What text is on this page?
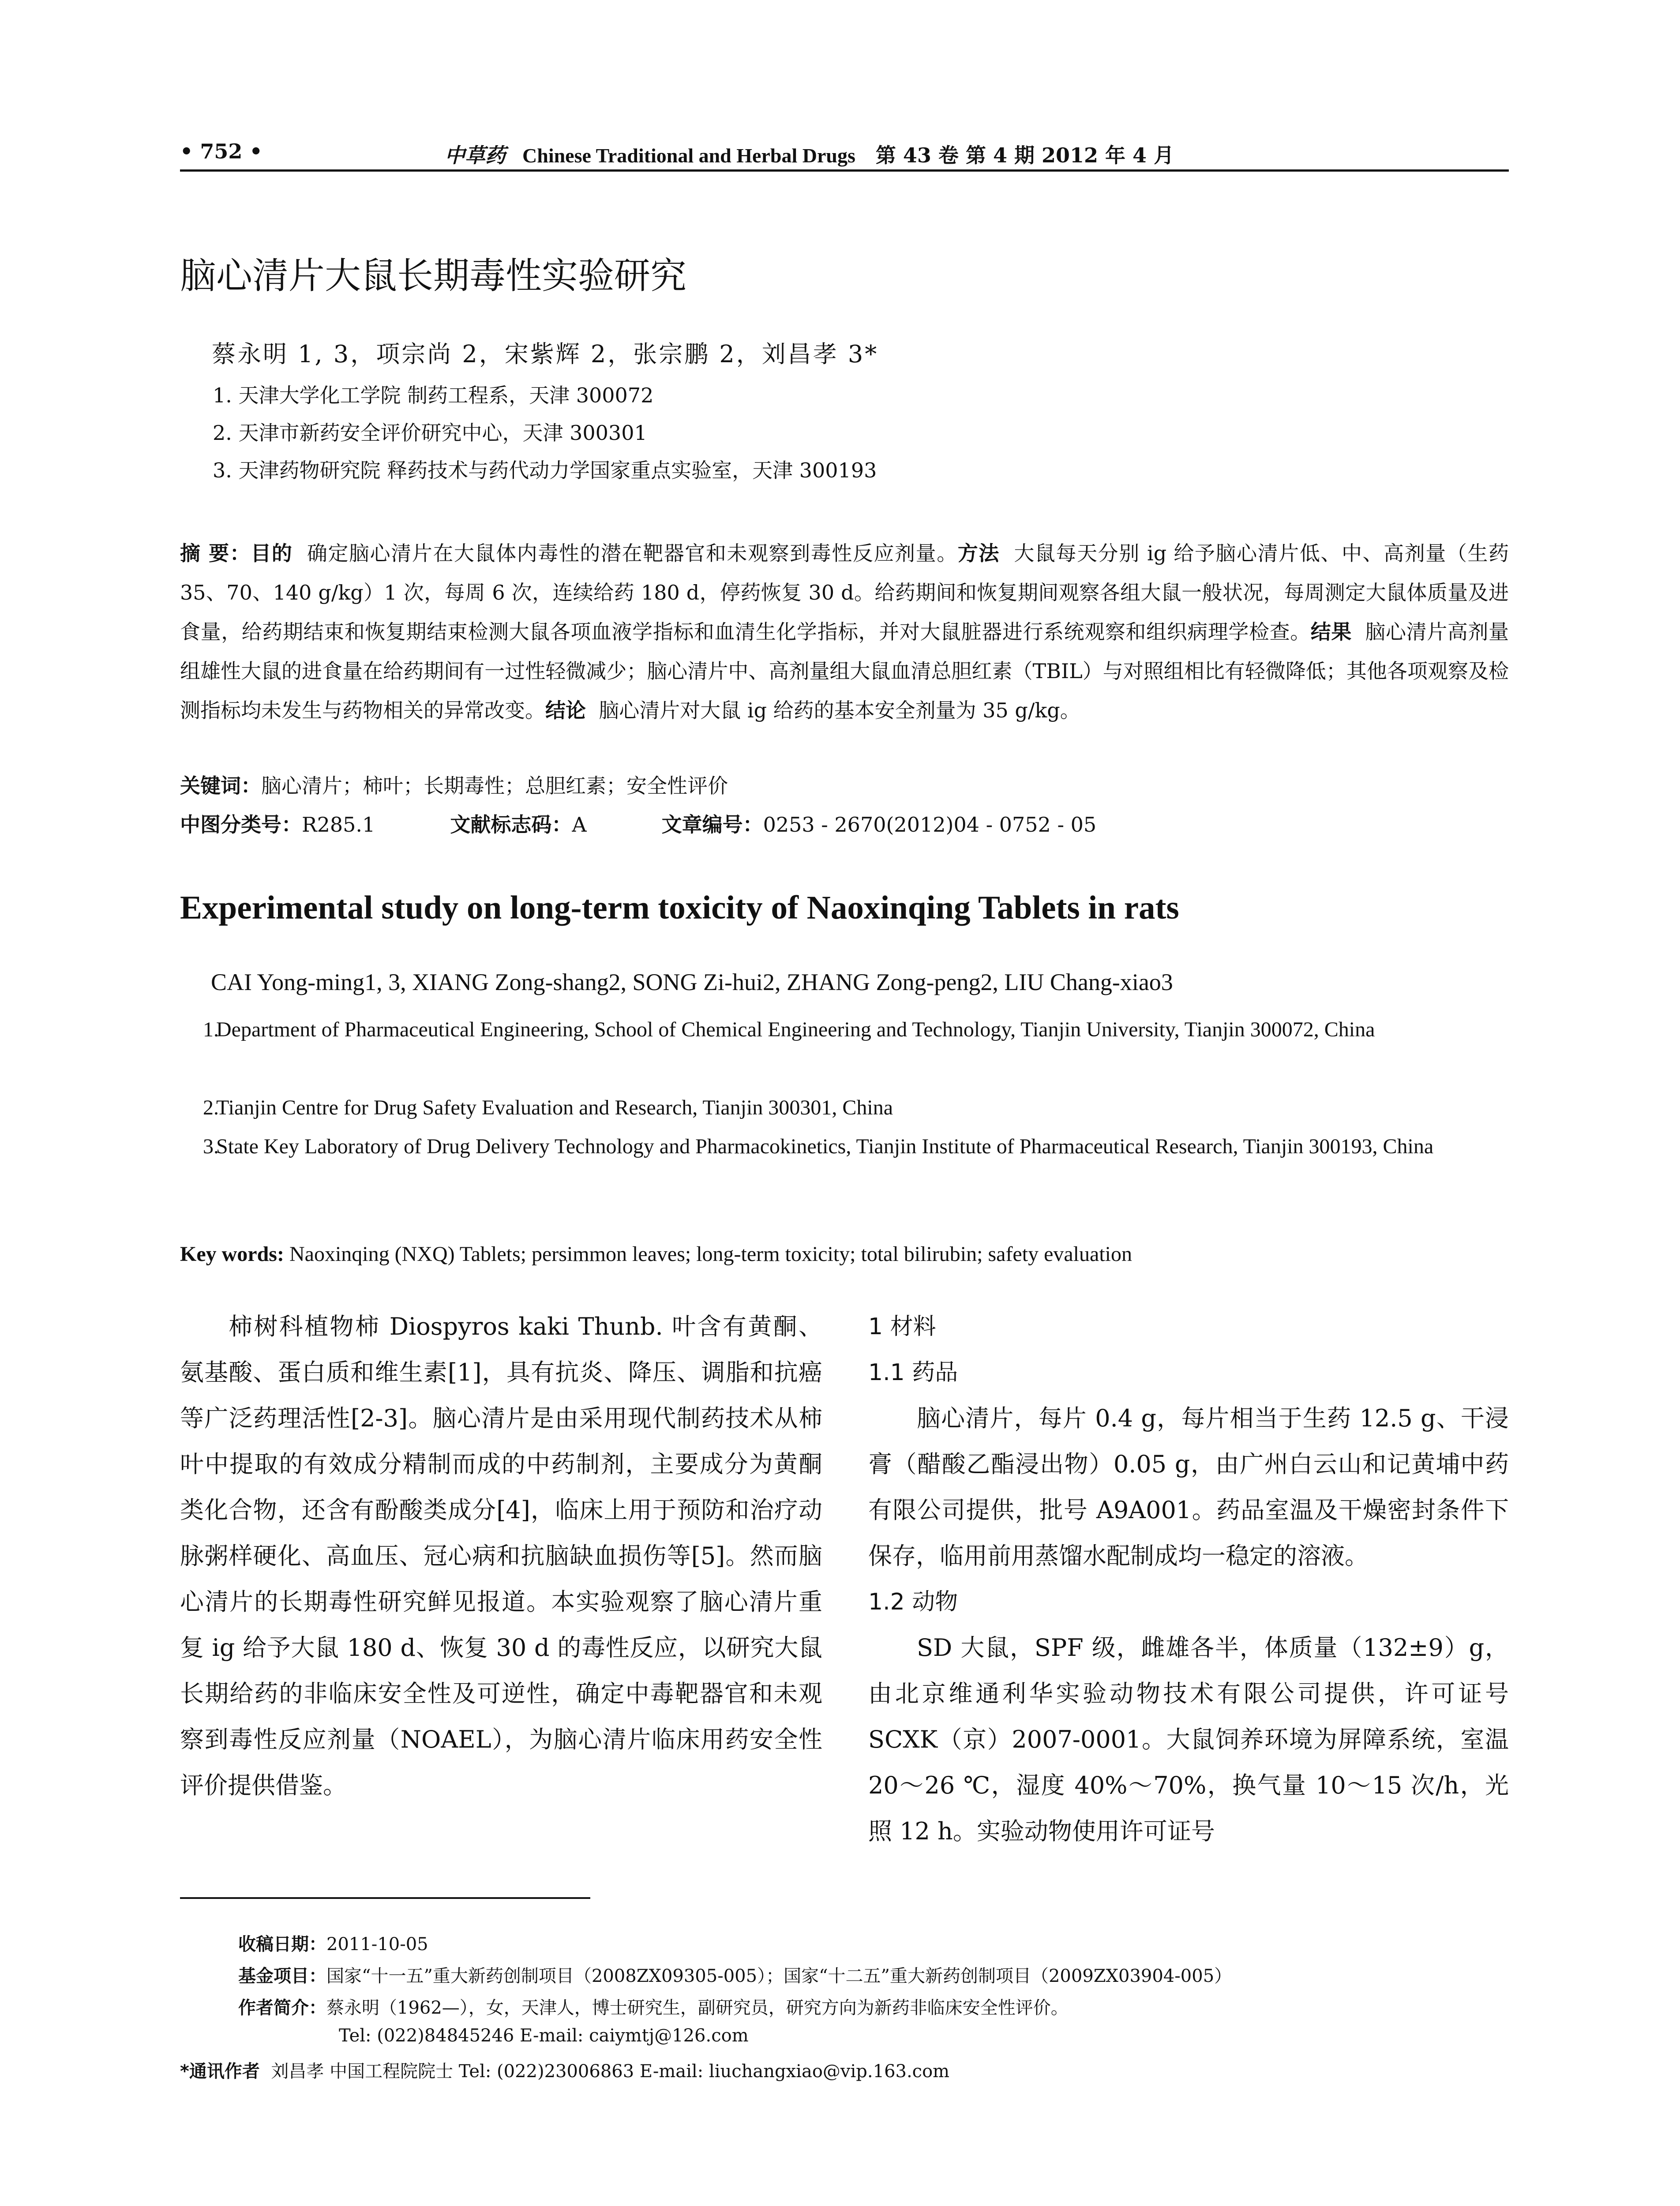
• 752 •	中草药 Chinese Traditional and Herbal Drugs 第 43 卷 第 4 期 2012 年 4 月
脑心清片大鼠长期毒性实验研究
蔡永明 1, 3，项宗尚 2，宋紫辉 2，张宗鹏 2，刘昌孝 3*
1. 天津大学化工学院 制药工程系，天津 300072
2. 天津市新药安全评价研究中心，天津 300301
3. 天津药物研究院 释药技术与药代动力学国家重点实验室，天津 300193
摘 要：目的 确定脑心清片在大鼠体内毒性的潜在靶器官和未观察到毒性反应剂量。方法 大鼠每天分别 ig 给予脑心清片低、中、高剂量（生药 35、70、140 g/kg）1 次，每周 6 次，连续给药 180 d，停药恢复 30 d。给药期间和恢复期间观察各组大鼠一般状况，每周测定大鼠体质量及进食量，给药期结束和恢复期结束检测大鼠各项血液学指标和血清生化学指标，并对大鼠脏器进行系统观察和组织病理学检查。结果 脑心清片高剂量组雄性大鼠的进食量在给药期间有一过性轻微减少；脑心清片中、高剂量组大鼠血清总胆红素（TBIL）与对照组相比有轻微降低；其他各项观察及检测指标均未发生与药物相关的异常改变。结论 脑心清片对大鼠 ig 给药的基本安全剂量为 35 g/kg。
关键词：脑心清片；柿叶；长期毒性；总胆红素；安全性评价
中图分类号：R285.1	文献标志码：A	文章编号：0253 - 2670(2012)04 - 0752 - 05
Experimental study on long-term toxicity of Naoxinqing Tablets in rats
CAI Yong-ming1, 3, XIANG Zong-shang2, SONG Zi-hui2, ZHANG Zong-peng2, LIU Chang-xiao3
1.
Department of Pharmaceutical Engineering, School of Chemical Engineering and Technology, Tianjin University, Tianjin 300072, China
2.
Tianjin Centre for Drug Safety Evaluation and Research, Tianjin 300301, China
3.
State Key Laboratory of Drug Delivery Technology and Pharmacokinetics, Tianjin Institute of Pharmaceutical Research, Tianjin 300193, China
Key words: Naoxinqing (NXQ) Tablets; persimmon leaves; long-term toxicity; total bilirubin; safety evaluation

柿树科植物柿 Diospyros kaki Thunb. 叶含有黄酮、氨基酸、蛋白质和维生素[1]，具有抗炎、降压、调脂和抗癌等广泛药理活性[2-3]。脑心清片是由采用现代制药技术从柿叶中提取的有效成分精制而成的中药制剂，主要成分为黄酮类化合物，还含有酚酸类成分[4]，临床上用于预防和治疗动脉粥样硬化、高血压、冠心病和抗脑缺血损伤等[5]。然而脑心清片的长期毒性研究鲜见报道。本实验观察了脑心清片重复 ig 给予大鼠 180 d、恢复 30 d 的毒性反应，以研究大鼠长期给药的非临床安全性及可逆性，确定中毒靶器官和未观察到毒性反应剂量（NOAEL），为脑心清片临床用药安全性评价提供借鉴。

1 材料
1.1 药品

脑心清片，每片 0.4 g，每片相当于生药 12.5 g、干浸膏（醋酸乙酯浸出物）0.05 g，由广州白云山和记黄埔中药有限公司提供，批号 A9A001。药品室温及干燥密封条件下保存，临用前用蒸馏水配制成均一稳定的溶液。

1.2 动物

SD 大鼠，SPF 级，雌雄各半，体质量（132±9）g，由北京维通利华实验动物技术有限公司提供，许可证号 SCXK（京）2007-0001。大鼠饲养环境为屏障系统，室温 20～26 ℃，湿度 40%～70%，换气量 10～15 次/h，光照 12 h。实验动物使用许可证号

收稿日期：2011-10-05
基金项目：国家“十一五”重大新药创制项目（2008ZX09305-005）；国家“十二五”重大新药创制项目（2009ZX03904-005）
作者简介：蔡永明（1962—），女，天津人，博士研究生，副研究员，研究方向为新药非临床安全性评价。
Tel: (022)84845246 E-mail: caiymtj@126.com
*通讯作者 刘昌孝 中国工程院院士 Tel: (022)23006863 E-mail: liuchangxiao@vip.163.com
